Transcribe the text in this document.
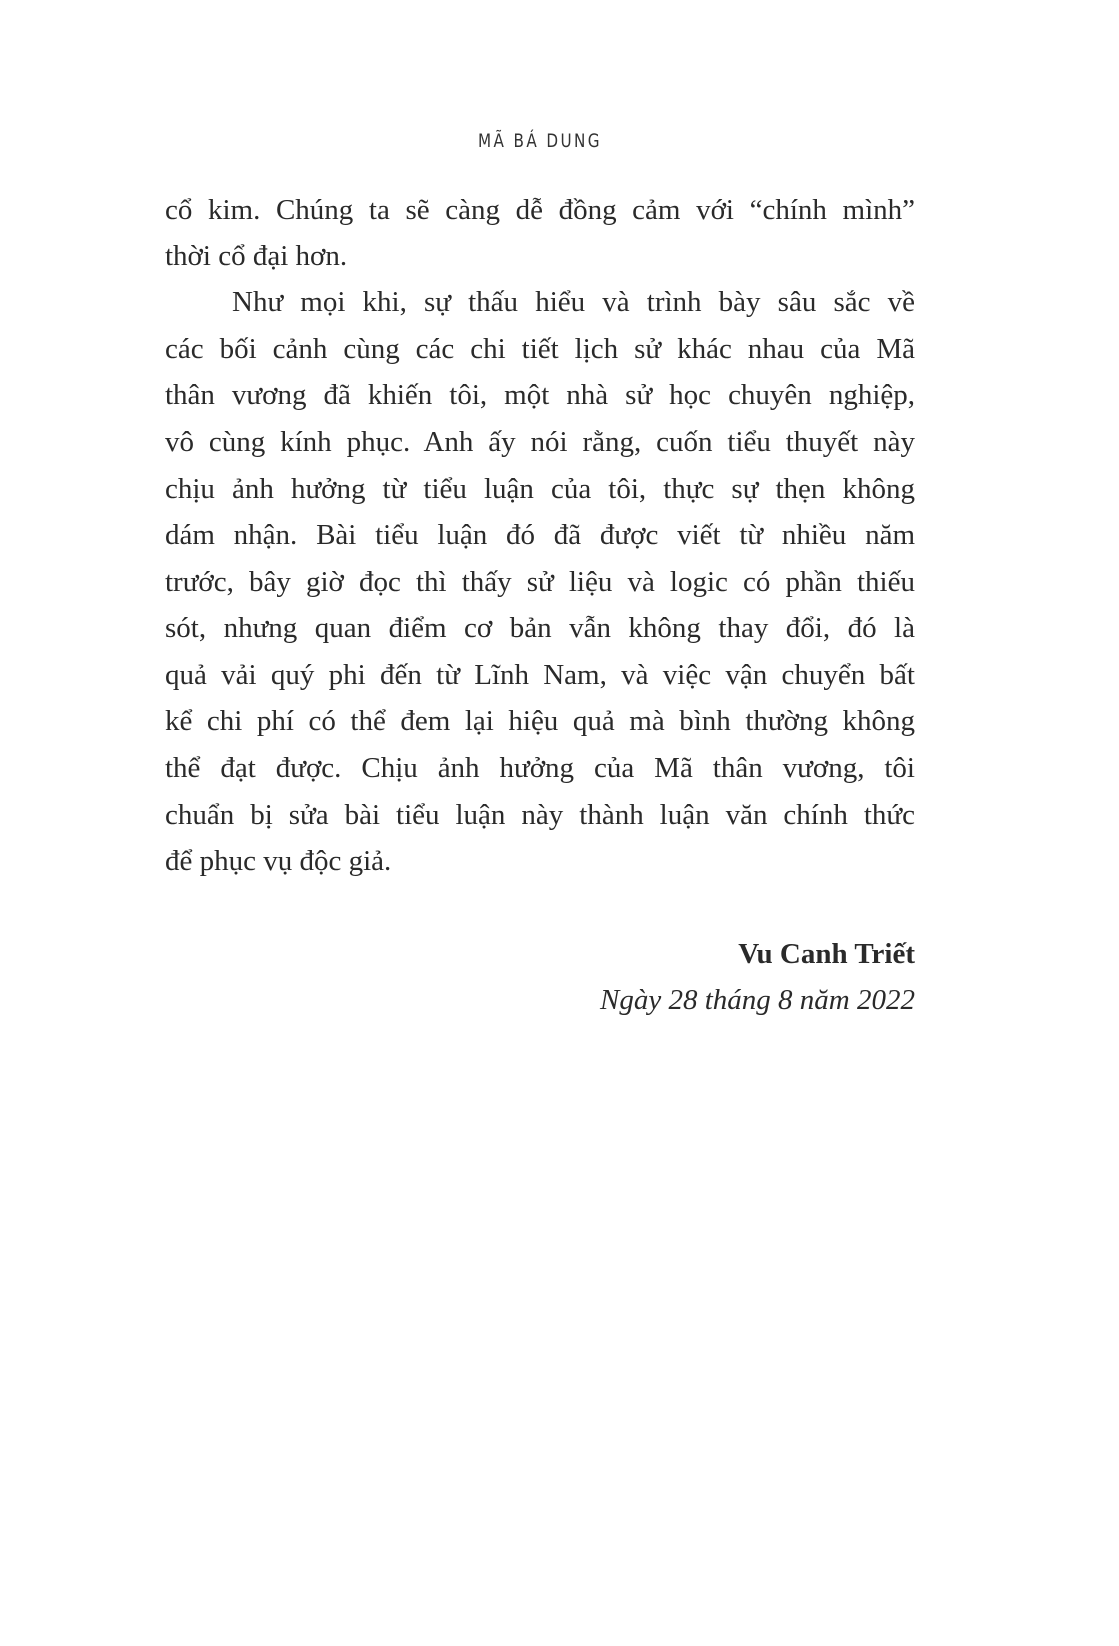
MÃ BÁ DUNG
cổ kim. Chúng ta sẽ càng dễ đồng cảm với “chính mình”
thời cổ đại hơn.
Như mọi khi, sự thấu hiểu và trình bày sâu sắc về
các bối cảnh cùng các chi tiết lịch sử khác nhau của Mã
thân vương đã khiến tôi, một nhà sử học chuyên nghiệp,
vô cùng kính phục. Anh ấy nói rằng, cuốn tiểu thuyết này
chịu ảnh hưởng từ tiểu luận của tôi, thực sự thẹn không
dám nhận. Bài tiểu luận đó đã được viết từ nhiều năm
trước, bây giờ đọc thì thấy sử liệu và logic có phần thiếu
sót, nhưng quan điểm cơ bản vẫn không thay đổi, đó là
quả vải quý phi đến từ Lĩnh Nam, và việc vận chuyển bất
kể chi phí có thể đem lại hiệu quả mà bình thường không
thể đạt được. Chịu ảnh hưởng của Mã thân vương, tôi
chuẩn bị sửa bài tiểu luận này thành luận văn chính thức
để phục vụ độc giả.
Vu Canh Triết
Ngày 28 tháng 8 năm 2022
